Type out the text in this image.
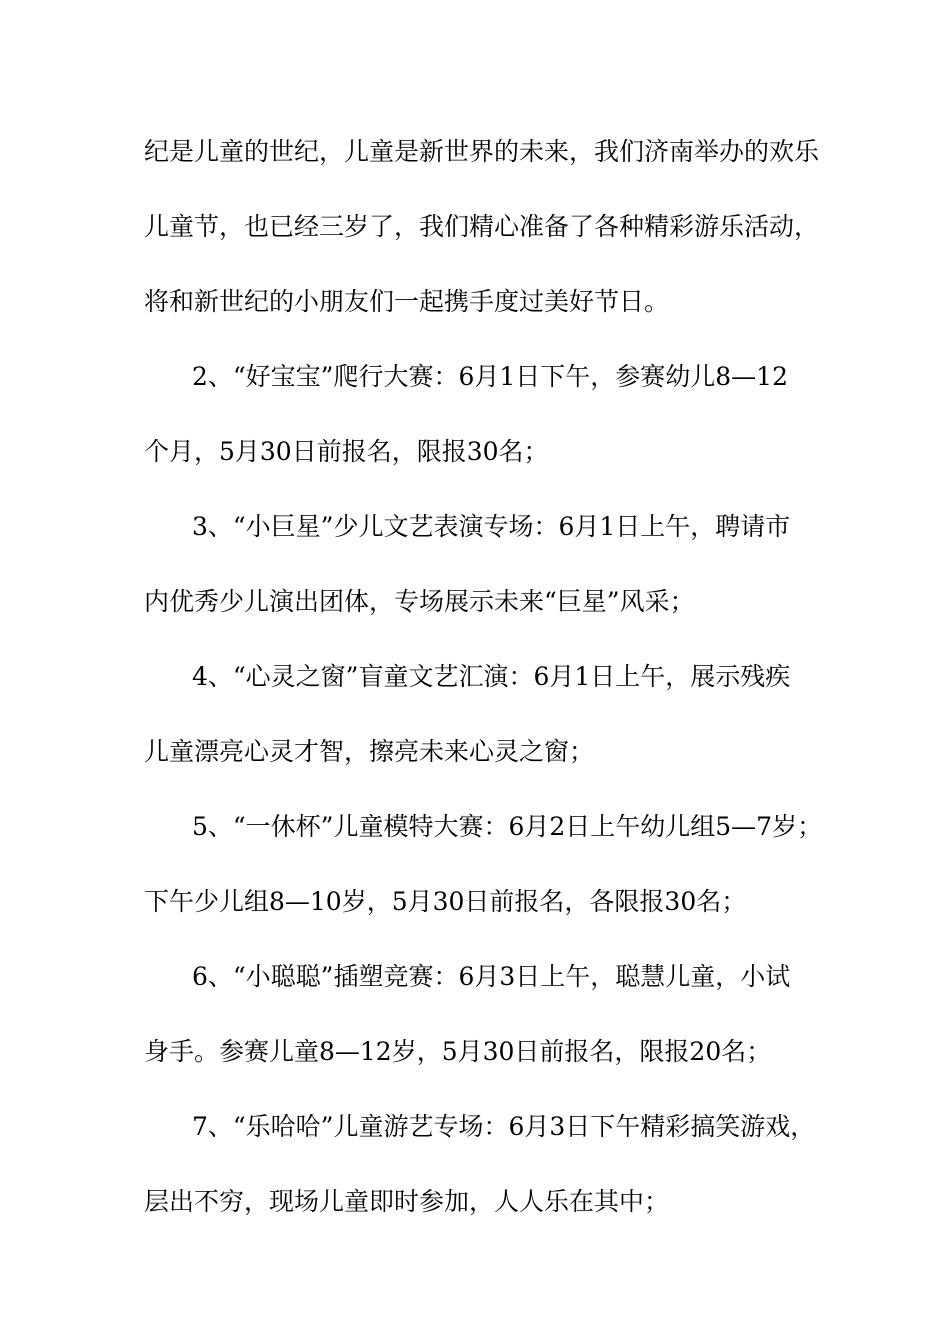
纪是儿童的世纪，儿童是新世界的未来，我们济南举办的欢乐
儿童节，也已经三岁了，我们精心准备了各种精彩游乐活动，
将和新世纪的小朋友们一起携手度过美好节日。
2、“好宝宝”爬行大赛：6月1日下午，参赛幼儿8—12
个月，5月30日前报名，限报30名；
3、“小巨星”少儿文艺表演专场：6月1日上午，聘请市
内优秀少儿演出团体，专场展示未来“巨星”风采；
4、“心灵之窗”盲童文艺汇演：6月1日上午，展示残疾
儿童漂亮心灵才智，擦亮未来心灵之窗；
5、“一休杯”儿童模特大赛：6月2日上午幼儿组5—7岁；
下午少儿组8—10岁，5月30日前报名，各限报30名；
6、“小聪聪”插塑竞赛：6月3日上午，聪慧儿童，小试
身手。参赛儿童8—12岁，5月30日前报名，限报20名；
7、“乐哈哈”儿童游艺专场：6月3日下午精彩搞笑游戏，
层出不穷，现场儿童即时参加，人人乐在其中；
